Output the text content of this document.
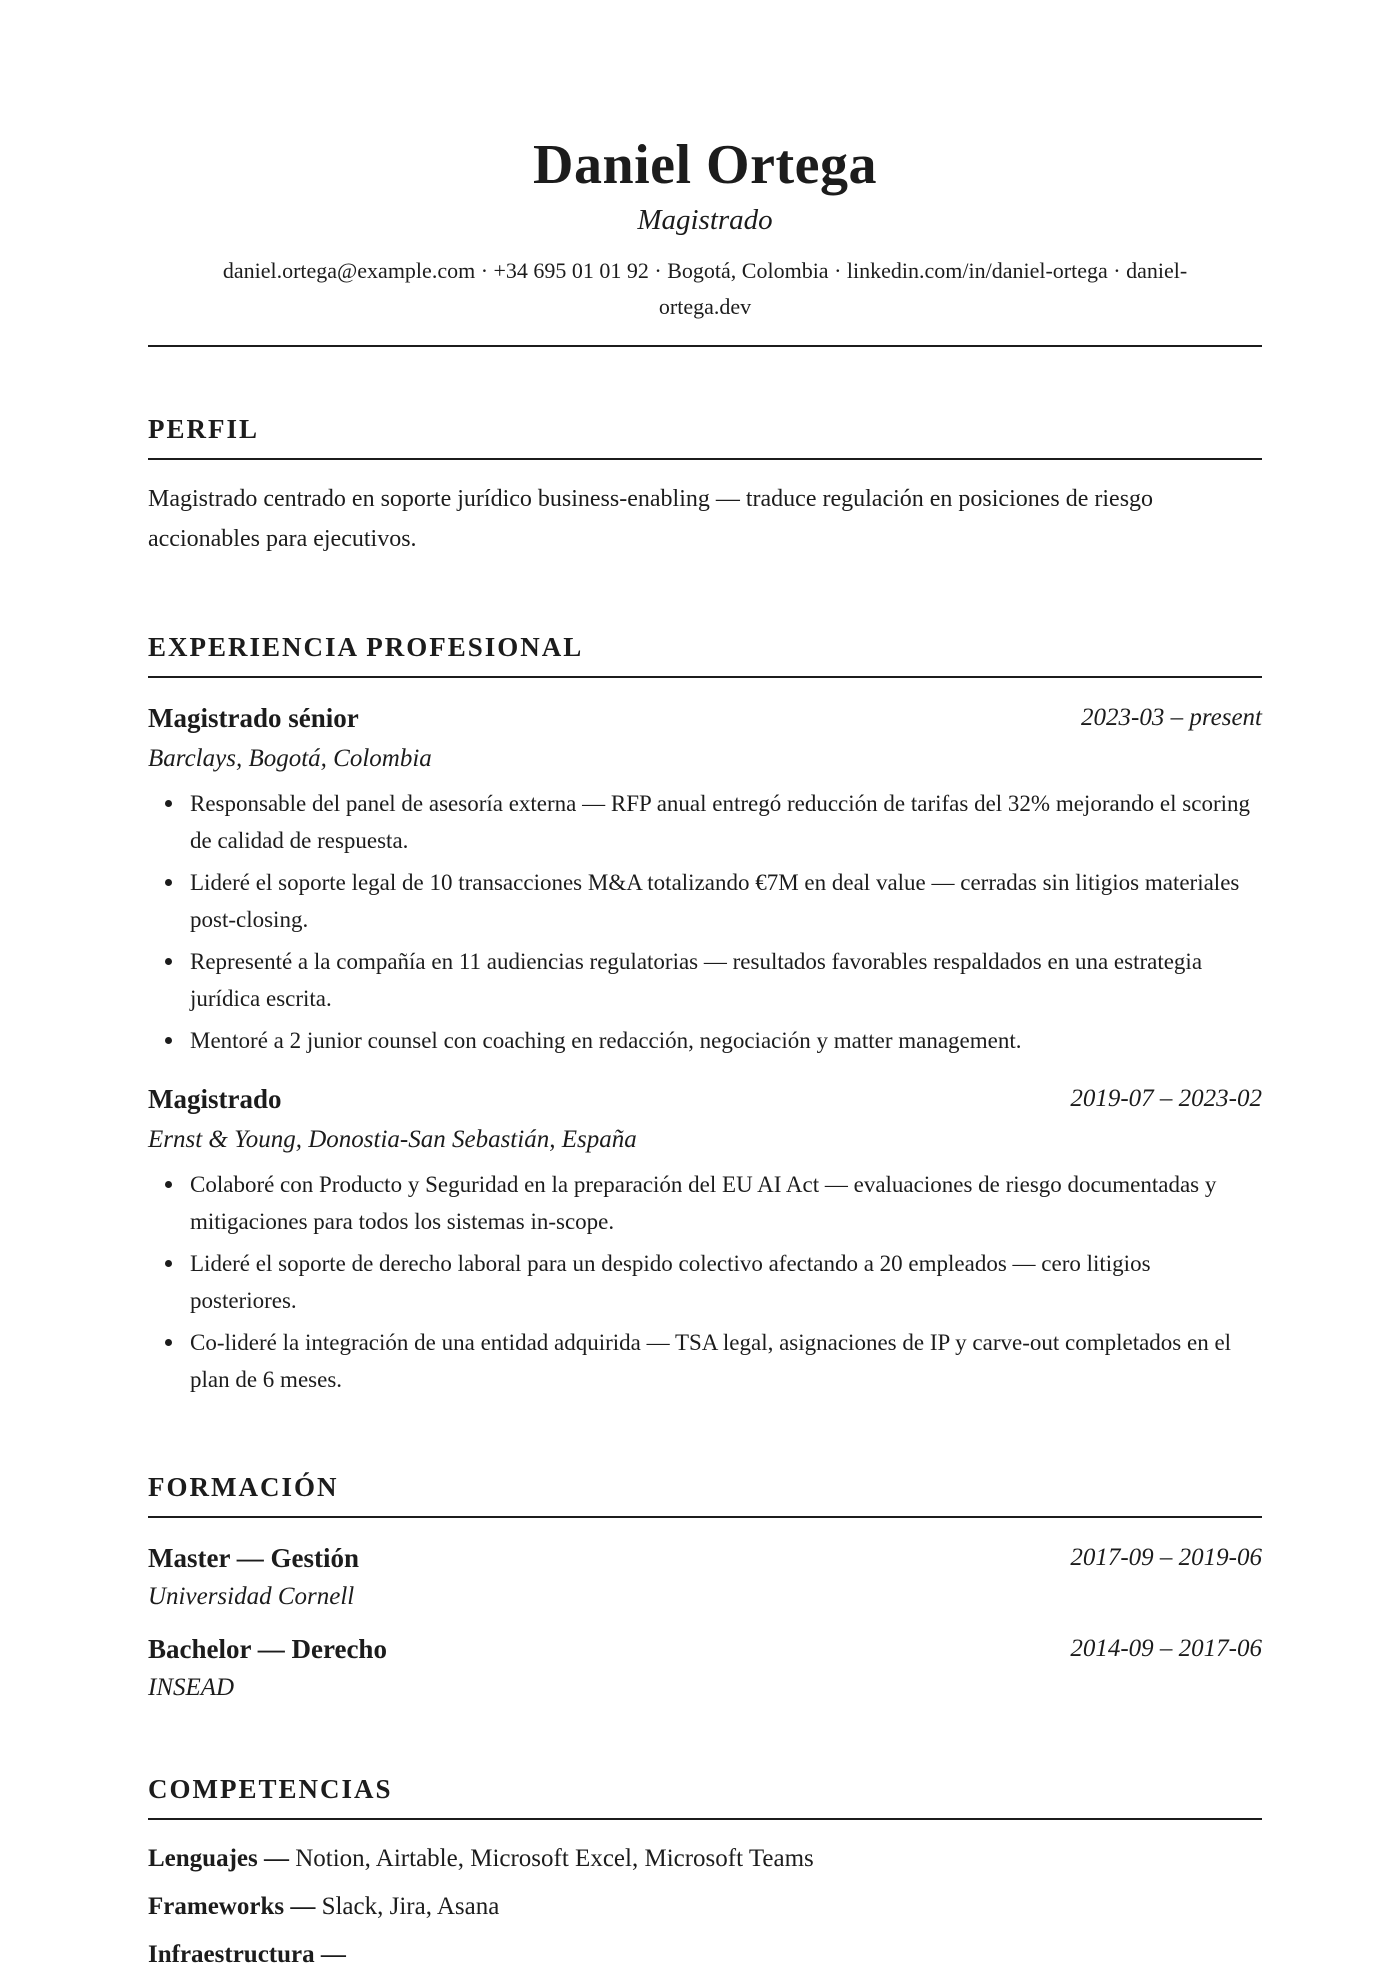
Daniel Ortega
Magistrado
daniel.ortega@example.com · +34 695 01 01 92 · Bogotá, Colombia · linkedin.com/in/daniel-ortega · daniel-
ortega.dev
PERFIL
Magistrado centrado en soporte jurídico business-enabling — traduce regulación en posiciones de riesgo accionables para ejecutivos.
EXPERIENCIA PROFESIONAL
Magistrado sénior	2023-03 – present
Barclays, Bogotá, Colombia
Responsable del panel de asesoría externa — RFP anual entregó reducción de tarifas del 32% mejorando el scoring de calidad de respuesta.
Lideré el soporte legal de 10 transacciones M&A totalizando €7M en deal value — cerradas sin litigios materiales post-closing.
Representé a la compañía en 11 audiencias regulatorias — resultados favorables respaldados en una estrategia jurídica escrita.
Mentoré a 2 junior counsel con coaching en redacción, negociación y matter management.
Magistrado	2019-07 – 2023-02
Ernst & Young, Donostia-San Sebastián, España
Colaboré con Producto y Seguridad en la preparación del EU AI Act — evaluaciones de riesgo documentadas y mitigaciones para todos los sistemas in-scope.
Lideré el soporte de derecho laboral para un despido colectivo afectando a 20 empleados — cero litigios posteriores.
Co-lideré la integración de una entidad adquirida — TSA legal, asignaciones de IP y carve-out completados en el plan de 6 meses.
FORMACIÓN
Master — Gestión	2017-09 – 2019-06
Universidad Cornell
Bachelor — Derecho	2014-09 – 2017-06
INSEAD
COMPETENCIAS
Lenguajes — Notion, Airtable, Microsoft Excel, Microsoft Teams
Frameworks — Slack, Jira, Asana
Infraestructura —
